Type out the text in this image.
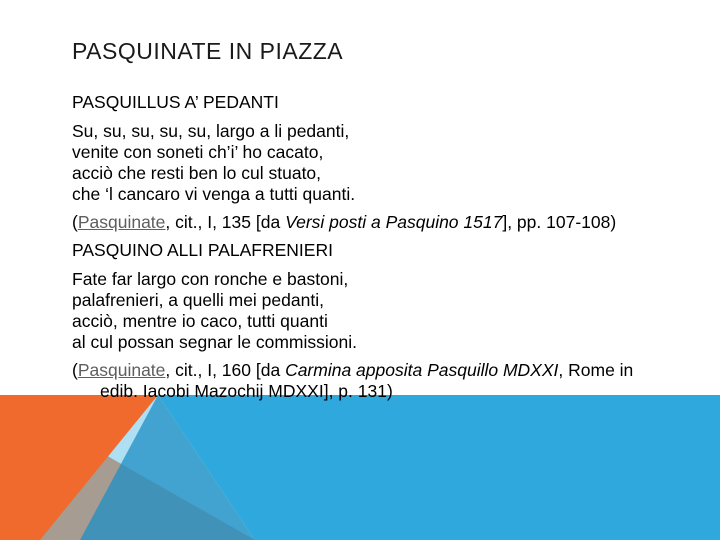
PASQUINATE IN PIAZZA

PASQUILLUS A’ PEDANTI

Su, su, su, su, su, largo a li pedanti,
venite con soneti ch’i’ ho cacato,
acciò che resti ben lo cul stuato,
che ‘l cancaro vi venga a tutti quanti.

(Pasquinate, cit., I, 135 [da Versi posti a Pasquino 1517], pp. 107-108)

PASQUINO ALLI PALAFRENIERI

Fate far largo con ronche e bastoni,
palafrenieri, a quelli mei pedanti,
acciò, mentre io caco, tutti quanti
al cul possan segnar le commissioni.

(Pasquinate, cit., I, 160 [da Carmina apposita Pasquillo MDXXI, Rome in edib. Iacobi Mazochij MDXXI], p. 131)
